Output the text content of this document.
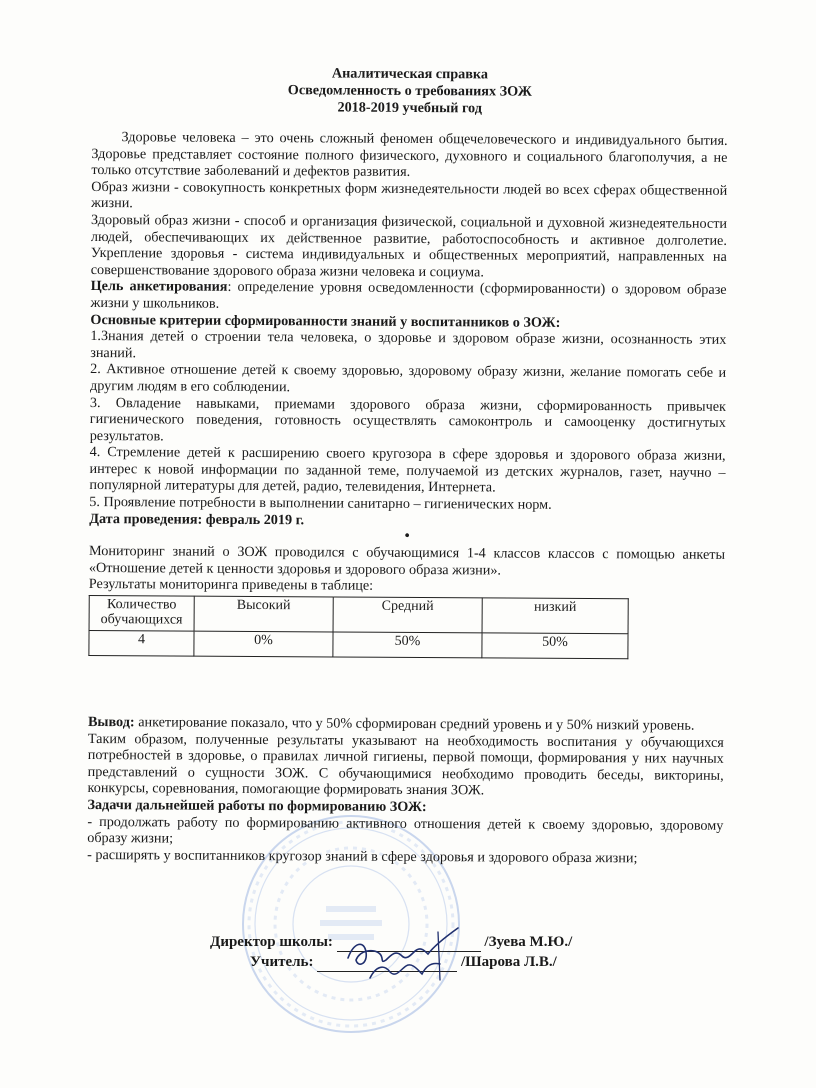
Аналитическая справка
Осведомленность о требованиях ЗОЖ
2018-2019 учебный год

Здоровье человека – это очень сложный феномен общечеловеческого и индивидуального бытия. Здоровье представляет состояние полного физического, духовного и социального благополучия, а не только отсутствие заболеваний и дефектов развития.

Образ жизни - совокупность конкретных форм жизнедеятельности людей во всех сферах общественной жизни.

Здоровый образ жизни - способ и организация физической, социальной и духовной жизнедеятельности людей, обеспечивающих их действенное развитие, работоспособность и активное долголетие. Укрепление здоровья - система индивидуальных и общественных мероприятий, направленных на совершенствование здорового образа жизни человека и социума.

Цель анкетирования: определение уровня осведомленности (сформированности) о здоровом образе жизни у школьников.

Основные критерии сформированности знаний у воспитанников о ЗОЖ:

1.Знания детей о строении тела человека, о здоровье и здоровом образе жизни, осознанность этих знаний.

2. Активное отношение детей к своему здоровью, здоровому образу жизни, желание помогать себе и другим людям в его соблюдении.

3. Овладение навыками, приемами здорового образа жизни, сформированность привычек гигиенического поведения, готовность осуществлять самоконтроль и самооценку достигнутых результатов.

4. Стремление детей к расширению своего кругозора в сфере здоровья и здорового образа жизни, интерес к новой информации по заданной теме, получаемой из детских журналов, газет, научно – популярной литературы для детей, радио, телевидения, Интернета.

5. Проявление потребности в выполнении санитарно – гигиенических норм.

Дата проведения: февраль 2019 г.

•

Мониторинг знаний о ЗОЖ проводился с обучающимися 1-4 классов классов с помощью анкеты «Отношение детей к ценности здоровья и здорового образа жизни».

Результаты мониторинга приведены в таблице:

Количество обучающихся	Высокий	Средний	низкий
4	0%	50%	50%

Вывод: анкетирование показало, что у 50% сформирован средний уровень и у 50% низкий уровень.

Таким образом, полученные результаты указывают на необходимость воспитания у обучающихся потребностей в здоровье, о правилах личной гигиены, первой помощи, формирования у них научных представлений о сущности ЗОЖ. С обучающимися необходимо проводить беседы, викторины, конкурсы, соревнования, помогающие формировать знания ЗОЖ.

Задачи дальнейшей работы по формированию ЗОЖ:

- продолжать работу по формированию активного отношения детей к своему здоровью, здоровому образу жизни;

- расширять у воспитанников кругозор знаний в сфере здоровья и здорового образа жизни;

Директор школы:	/Зуева М.Ю./
Учитель:	/Шарова Л.В./
